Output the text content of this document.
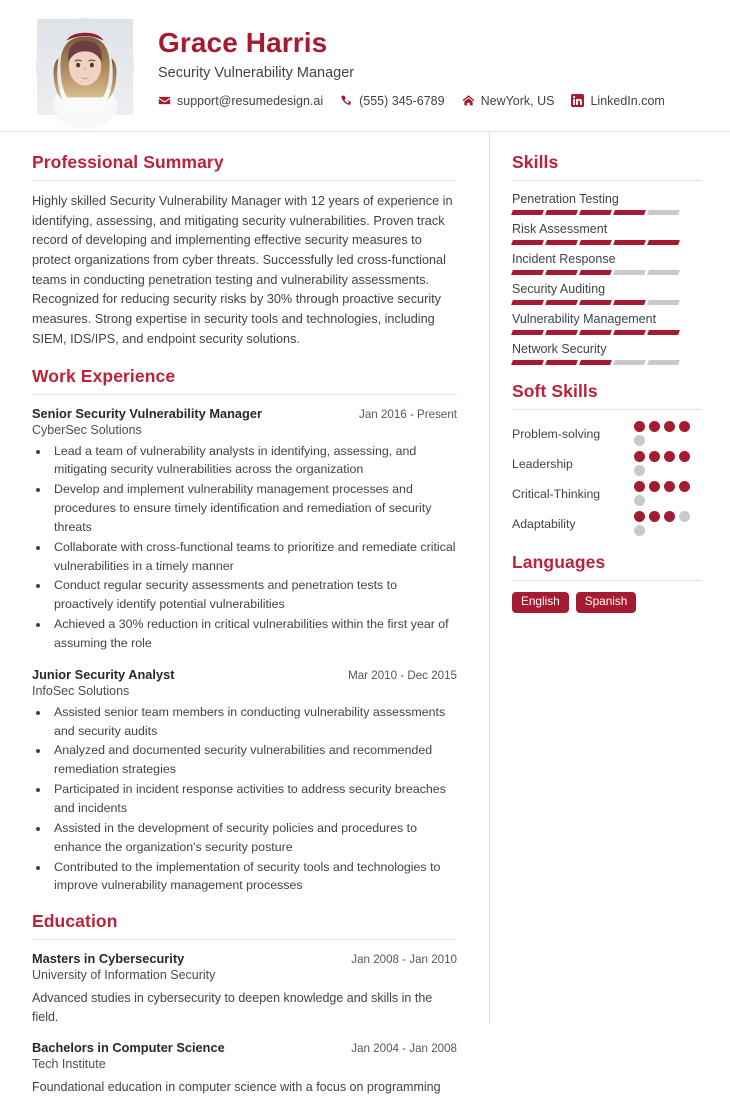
Grace Harris
Security Vulnerability Manager
support@resumedesign.ai	(555) 345-6789	NewYork, US	LinkedIn.com
Professional Summary
Highly skilled Security Vulnerability Manager with 12 years of experience in identifying, assessing, and mitigating security vulnerabilities. Proven track record of developing and implementing effective security measures to protect organizations from cyber threats. Successfully led cross-functional teams in conducting penetration testing and vulnerability assessments. Recognized for reducing security risks by 30% through proactive security measures. Strong expertise in security tools and technologies, including SIEM, IDS/IPS, and endpoint security solutions.
Work Experience
Senior Security Vulnerability Manager	Jan 2016 - Present
CyberSec Solutions
• Lead a team of vulnerability analysts in identifying, assessing, and mitigating security vulnerabilities across the organization
• Develop and implement vulnerability management processes and procedures to ensure timely identification and remediation of security threats
• Collaborate with cross-functional teams to prioritize and remediate critical vulnerabilities in a timely manner
• Conduct regular security assessments and penetration tests to proactively identify potential vulnerabilities
• Achieved a 30% reduction in critical vulnerabilities within the first year of assuming the role
Junior Security Analyst	Mar 2010 - Dec 2015
InfoSec Solutions
• Assisted senior team members in conducting vulnerability assessments and security audits
• Analyzed and documented security vulnerabilities and recommended remediation strategies
• Participated in incident response activities to address security breaches and incidents
• Assisted in the development of security policies and procedures to enhance the organization's security posture
• Contributed to the implementation of security tools and technologies to improve vulnerability management processes
Education
Masters in Cybersecurity	Jan 2008 - Jan 2010
University of Information Security
Advanced studies in cybersecurity to deepen knowledge and skills in the field.
Bachelors in Computer Science	Jan 2004 - Jan 2008
Tech Institute
Foundational education in computer science with a focus on programming
Skills
Penetration Testing
Risk Assessment
Incident Response
Security Auditing
Vulnerability Management
Network Security
Soft Skills
Problem-solving
Leadership
Critical-Thinking
Adaptability
Languages
English	Spanish
